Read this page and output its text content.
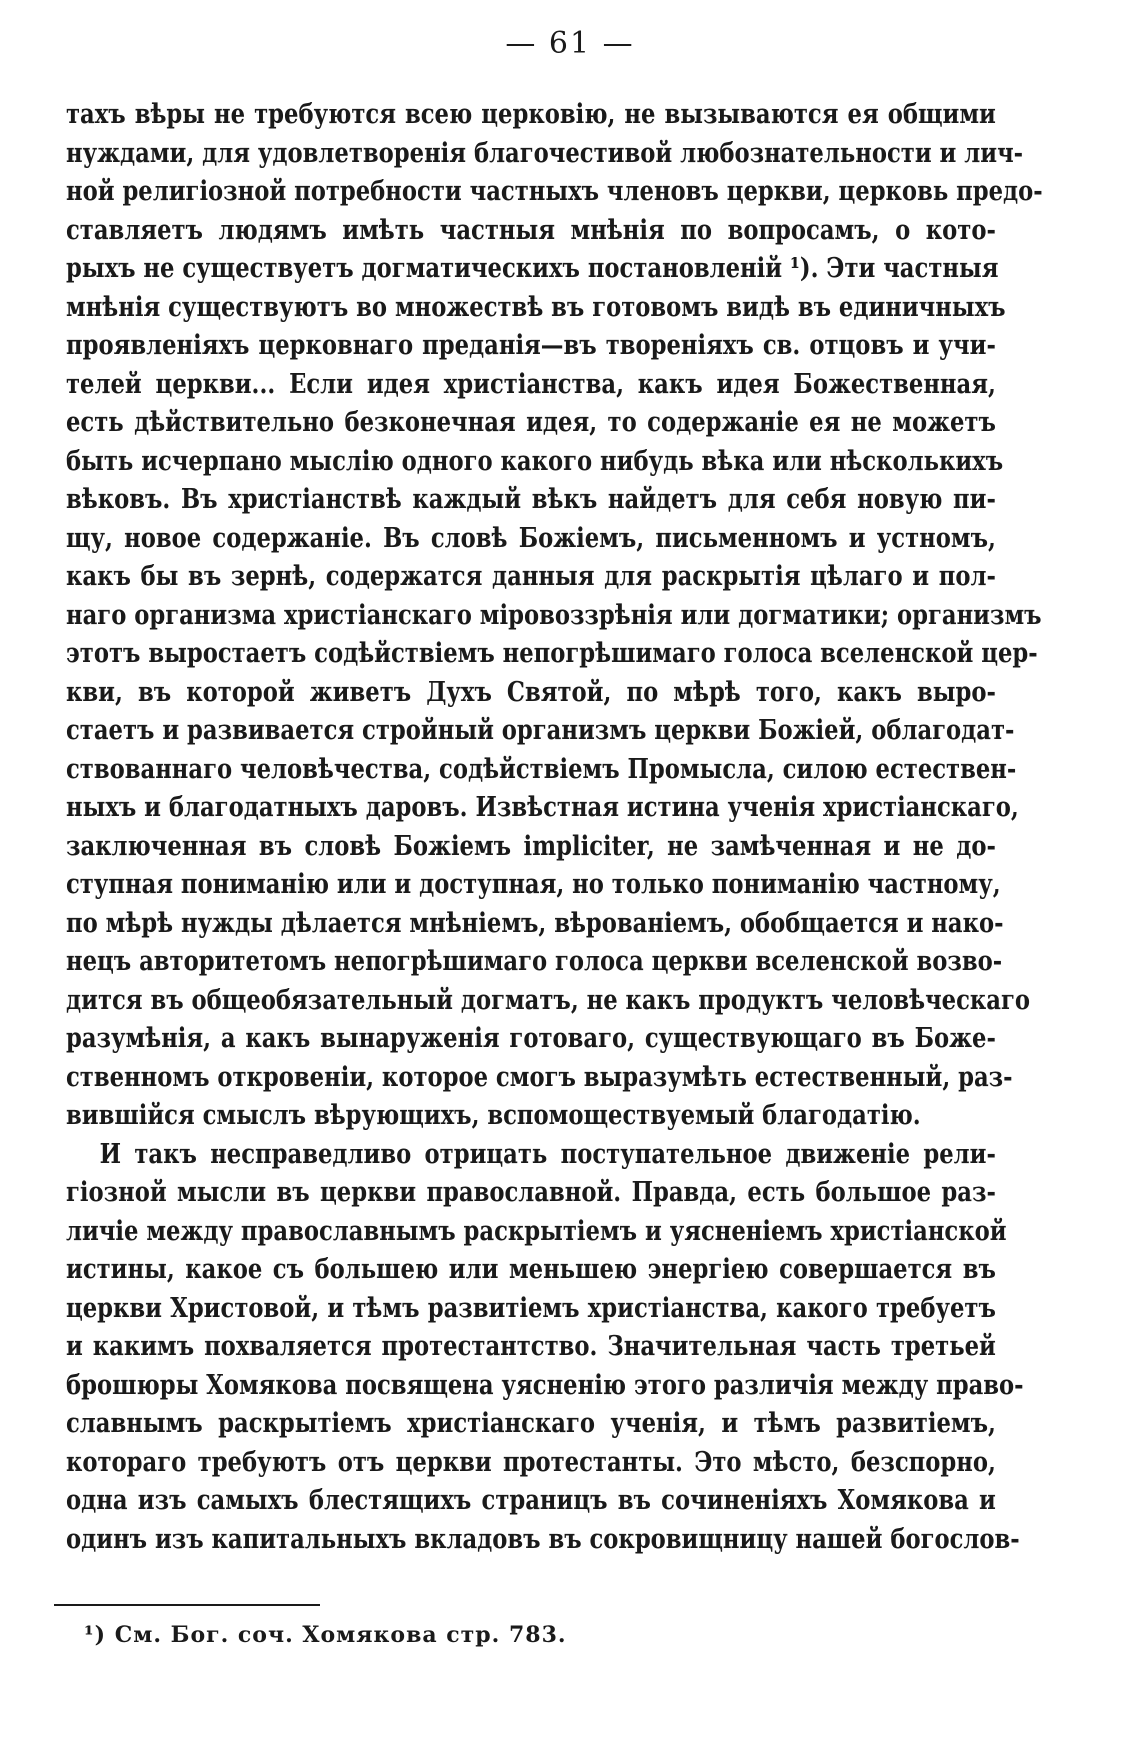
— 61 —
тахъ вѣры не требуются всею церковію, не вызываются ея общими
нуждами, для удовлетворенія благочестивой любознательности и лич-
ной религіозной потребности частныхъ членовъ церкви, церковь предо-
ставляетъ людямъ имѣть частныя мнѣнія по вопросамъ, о кото-
рыхъ не существуетъ догматическихъ постановленій ¹). Эти частныя
мнѣнія существуютъ во множествѣ въ готовомъ видѣ въ единичныхъ
проявленіяхъ церковнаго преданія—въ твореніяхъ св. отцовъ и учи-
телей церкви... Если идея христіанства, какъ идея Божественная,
есть дѣйствительно безконечная идея, то содержаніе ея не можетъ
быть исчерпано мыслію одного какого нибудь вѣка или нѣсколькихъ
вѣковъ. Въ христіанствѣ каждый вѣкъ найдетъ для себя новую пи-
щу, новое содержаніе. Въ словѣ Божіемъ, письменномъ и устномъ,
какъ бы въ зернѣ, содержатся данныя для раскрытія цѣлаго и пол-
наго организма христіанскаго міровоззрѣнія или догматики; организмъ
этотъ выростаетъ содѣйствіемъ непогрѣшимаго голоса вселенской цер-
кви, въ которой живетъ Духъ Святой, по мѣрѣ того, какъ выро-
стаетъ и развивается стройный организмъ церкви Божіей, облагодат-
ствованнаго человѣчества, содѣйствіемъ Промысла, силою естествен-
ныхъ и благодатныхъ даровъ. Извѣстная истина ученія христіанскаго,
заключенная въ словѣ Божіемъ implicitеr, не замѣченная и не до-
ступная пониманію или и доступная, но только пониманію частному,
по мѣрѣ нужды дѣлается мнѣніемъ, вѣрованіемъ, обобщается и нако-
нецъ авторитетомъ непогрѣшимаго голоса церкви вселенской возво-
дится въ общеобязательный догматъ, не какъ продуктъ человѣческаго
разумѣнія, а какъ вынаруженія готоваго, существующаго въ Боже-
ственномъ откровеніи, которое смогъ выразумѣть естественный, раз-
вившійся смыслъ вѣрующихъ, вспомоществуемый благодатію.
И такъ несправедливо отрицать поступательное движеніе рели-
гіозной мысли въ церкви православной. Правда, есть большое раз-
личіе между православнымъ раскрытіемъ и уясненіемъ христіанской
истины, какое съ большею или меньшею энергіею совершается въ
церкви Христовой, и тѣмъ развитіемъ христіанства, какого требуетъ
и какимъ похваляется протестантство. Значительная часть третьей
брошюры Хомякова посвящена уясненію этого различія между право-
славнымъ раскрытіемъ христіанскаго ученія, и тѣмъ развитіемъ,
котораго требуютъ отъ церкви протестанты. Это мѣсто, безспорно,
одна изъ самыхъ блестящихъ страницъ въ сочиненіяхъ Хомякова и
одинъ изъ капитальныхъ вкладовъ въ сокровищницу нашей богослов-
¹) См. Бог. соч. Хомякова стр. 783.
